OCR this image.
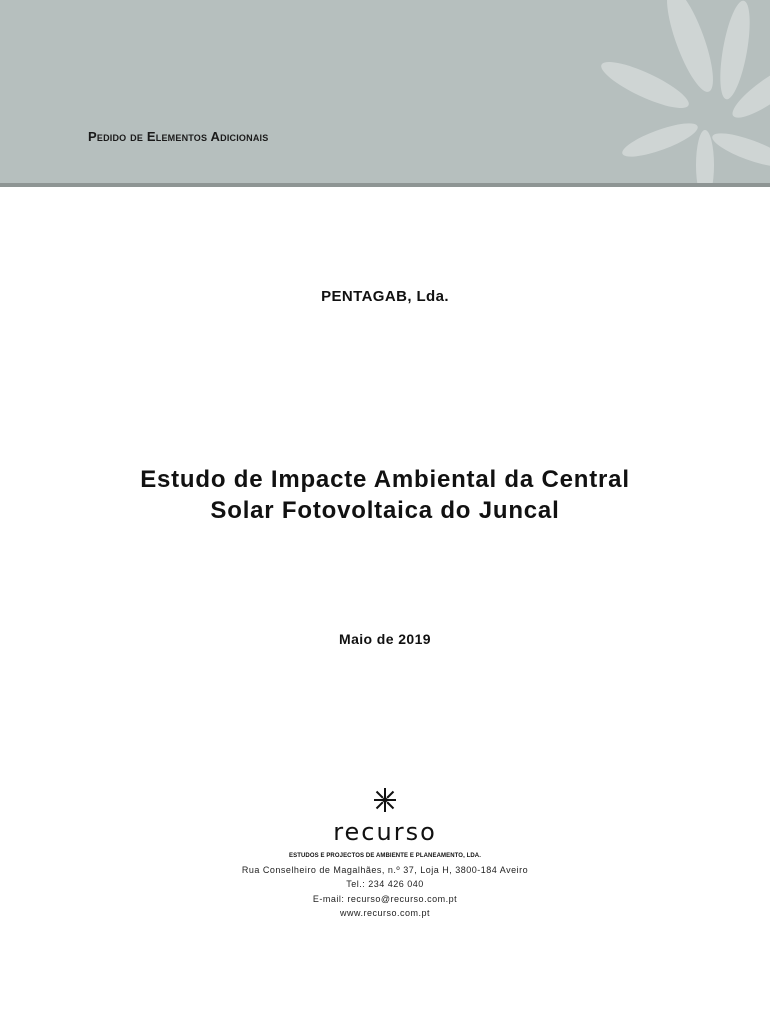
Pedido de Elementos Adicionais
PENTAGAB, Lda.
Estudo de Impacte Ambiental da Central
Solar Fotovoltaica do Juncal
Maio de 2019
recurso
ESTUDOS E PROJECTOS DE AMBIENTE E PLANEAMENTO, LDA.
Rua Conselheiro de Magalhães, n.º 37, Loja H, 3800-184 Aveiro
Tel.: 234 426 040
E-mail: recurso@recurso.com.pt
www.recurso.com.pt
